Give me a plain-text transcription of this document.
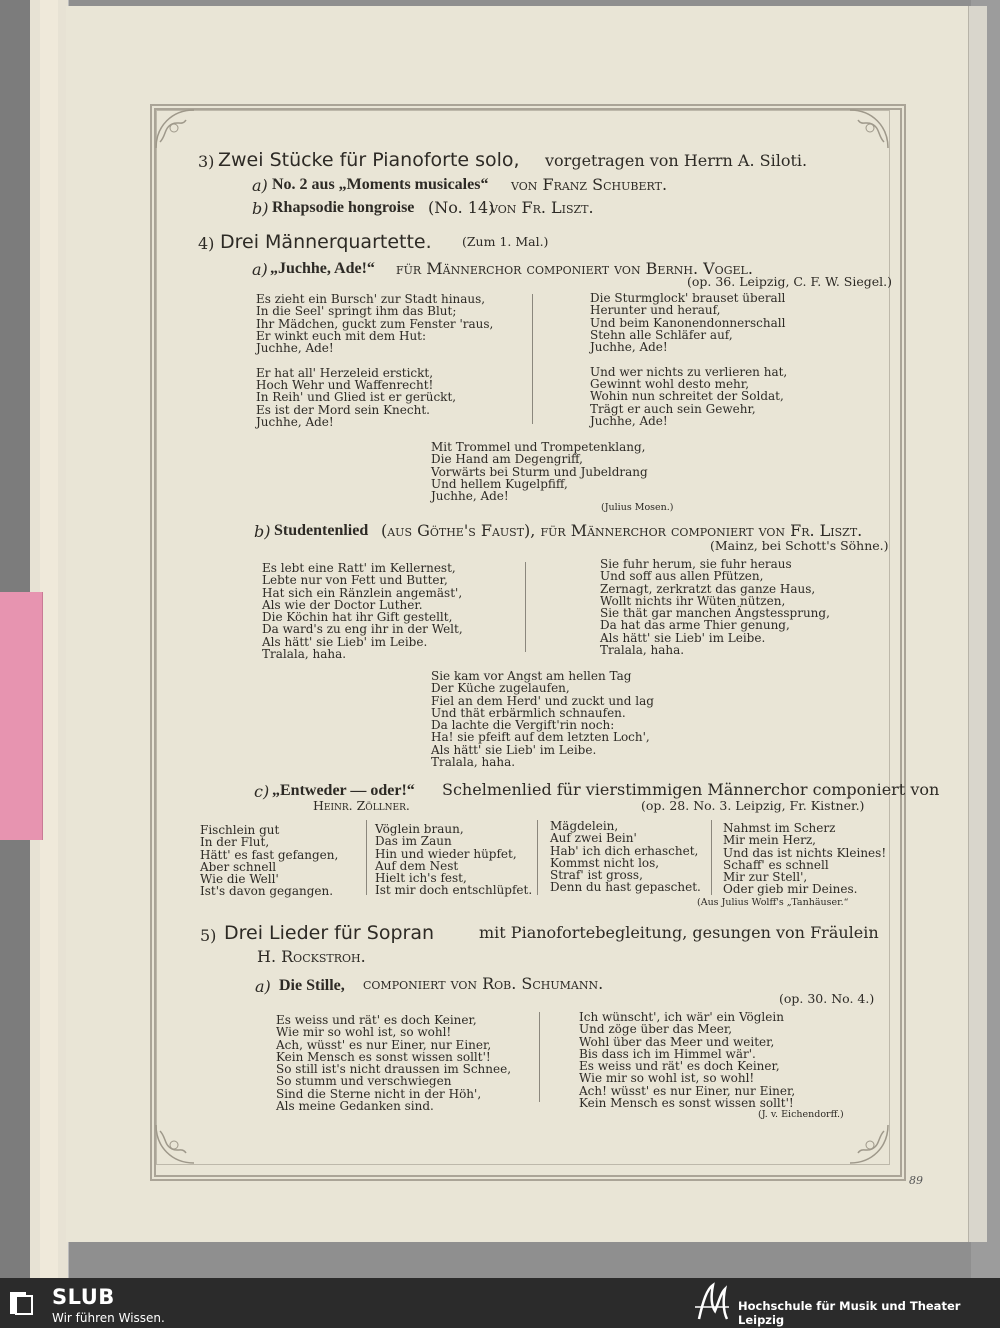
3) Zwei Stücke für Pianoforte solo, vorgetragen von Herrn A. Siloti.
a) No. 2 aus „Moments musicales“ von Franz Schubert.
b) Rhapsodie hongroise (No. 14)
von Fr. Liszt.
4) Drei Männerquartette. (Zum 1. Mal.)
a) „Juchhe, Ade!“ für Männerchor componiert von Bernh. Vogel.
(op. 36. Leipzig, C. F. W. Siegel.)
Es zieht ein Bursch' zur Stadt hinaus,
In die Seel' springt ihm das Blut;
Ihr Mädchen, guckt zum Fenster 'raus,
Er winkt euch mit dem Hut:
Juchhe, Ade!

Er hat all' Herzeleid erstickt,
Hoch Wehr und Waffenrecht!
In Reih' und Glied ist er gerückt,
Es ist der Mord sein Knecht.
Juchhe, Ade!
Die Sturmglock' brauset überall
Herunter und herauf,
Und beim Kanonendonnerschall
Stehn alle Schläfer auf,
Juchhe, Ade!

Und wer nichts zu verlieren hat,
Gewinnt wohl desto mehr,
Wohin nun schreitet der Soldat,
Trägt er auch sein Gewehr,
Juchhe, Ade!
Mit Trommel und Trompetenklang,
Die Hand am Degengriff,
Vorwärts bei Sturm und Jubeldrang
Und hellem Kugelpfiff,
Juchhe, Ade!
(Julius Mosen.)
b) Studentenlied (aus Göthe's Faust), für Männerchor componiert von Fr. Liszt.
(Mainz, bei Schott's Söhne.)
Es lebt eine Ratt' im Kellernest,
Lebte nur von Fett und Butter,
Hat sich ein Ränzlein angemäst',
Als wie der Doctor Luther.
Die Köchin hat ihr Gift gestellt,
Da ward's zu eng ihr in der Welt,
Als hätt' sie Lieb' im Leibe.
Tralala, haha.
Sie fuhr herum, sie fuhr heraus
Und soff aus allen Pfützen,
Zernagt, zerkratzt das ganze Haus,
Wollt nichts ihr Wüten nützen,
Sie thät gar manchen Ängstessprung,
Da hat das arme Thier genung,
Als hätt' sie Lieb' im Leibe.
Tralala, haha.
Sie kam vor Angst am hellen Tag
Der Küche zugelaufen,
Fiel an dem Herd' und zuckt und lag
Und thät erbärmlich schnaufen.
Da lachte die Vergift'rin noch:
Ha! sie pfeift auf dem letzten Loch',
Als hätt' sie Lieb' im Leibe.
Tralala, haha.
c) „Entweder — oder!“ Schelmenlied für vierstimmigen Männerchor componiert von
Heinr. Zöllner.	(op. 28. No. 3. Leipzig, Fr. Kistner.)
Fischlein gut
In der Flut,
Hätt' es fast gefangen,
Aber schnell
Wie die Well'
Ist's davon gegangen.
Vöglein braun,
Das im Zaun
Hin und wieder hüpfet,
Auf dem Nest
Hielt ich's fest,
Ist mir doch entschlüpfet.
Mägdelein,
Auf zwei Bein'
Hab' ich dich erhaschet,
Kommst nicht los,
Straf' ist gross,
Denn du hast gepaschet.
Nahmst im Scherz
Mir mein Herz,
Und das ist nichts Kleines!
Schaff' es schnell
Mir zur Stell',
Oder gieb mir Deines.
(Aus Julius Wolff's „Tanhäuser.“
5) Drei Lieder für Sopran	mit Pianofortebegleitung, gesungen von Fräulein
H. Rockstroh.
a) Die Stille, componiert von Rob. Schumann.
(op. 30. No. 4.)
Es weiss und rät' es doch Keiner,
Wie mir so wohl ist, so wohl!
Ach, wüsst' es nur Einer, nur Einer,
Kein Mensch es sonst wissen sollt'!
So still ist's nicht draussen im Schnee,
So stumm und verschwiegen
Sind die Sterne nicht in der Höh',
Als meine Gedanken sind.
Ich wünscht', ich wär' ein Vöglein
Und zöge über das Meer,
Wohl über das Meer und weiter,
Bis dass ich im Himmel wär'.
Es weiss und rät' es doch Keiner,
Wie mir so wohl ist, so wohl!
Ach! wüsst' es nur Einer, nur Einer,
Kein Mensch es sonst wissen sollt'!
(J. v. Eichendorff.)
89
SLUB
Wir führen Wissen.
Hochschule für Musik und Theater Leipzig
